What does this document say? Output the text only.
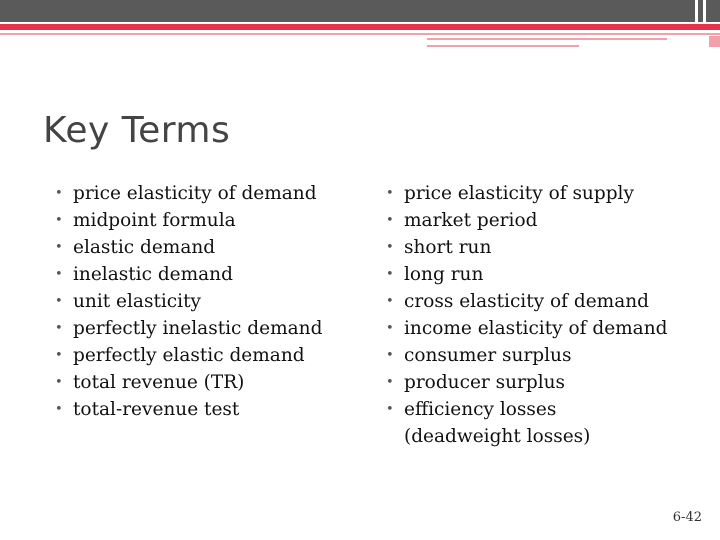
Key Terms
• price elasticity of demand
• midpoint formula
• elastic demand
• inelastic demand
• unit elasticity
• perfectly inelastic demand
• perfectly elastic demand
• total revenue (TR)
• total-revenue test
• price elasticity of supply
• market period
• short run
• long run
• cross elasticity of demand
• income elasticity of demand
• consumer surplus
• producer surplus
• efficiency losses (deadweight losses)
6-42
